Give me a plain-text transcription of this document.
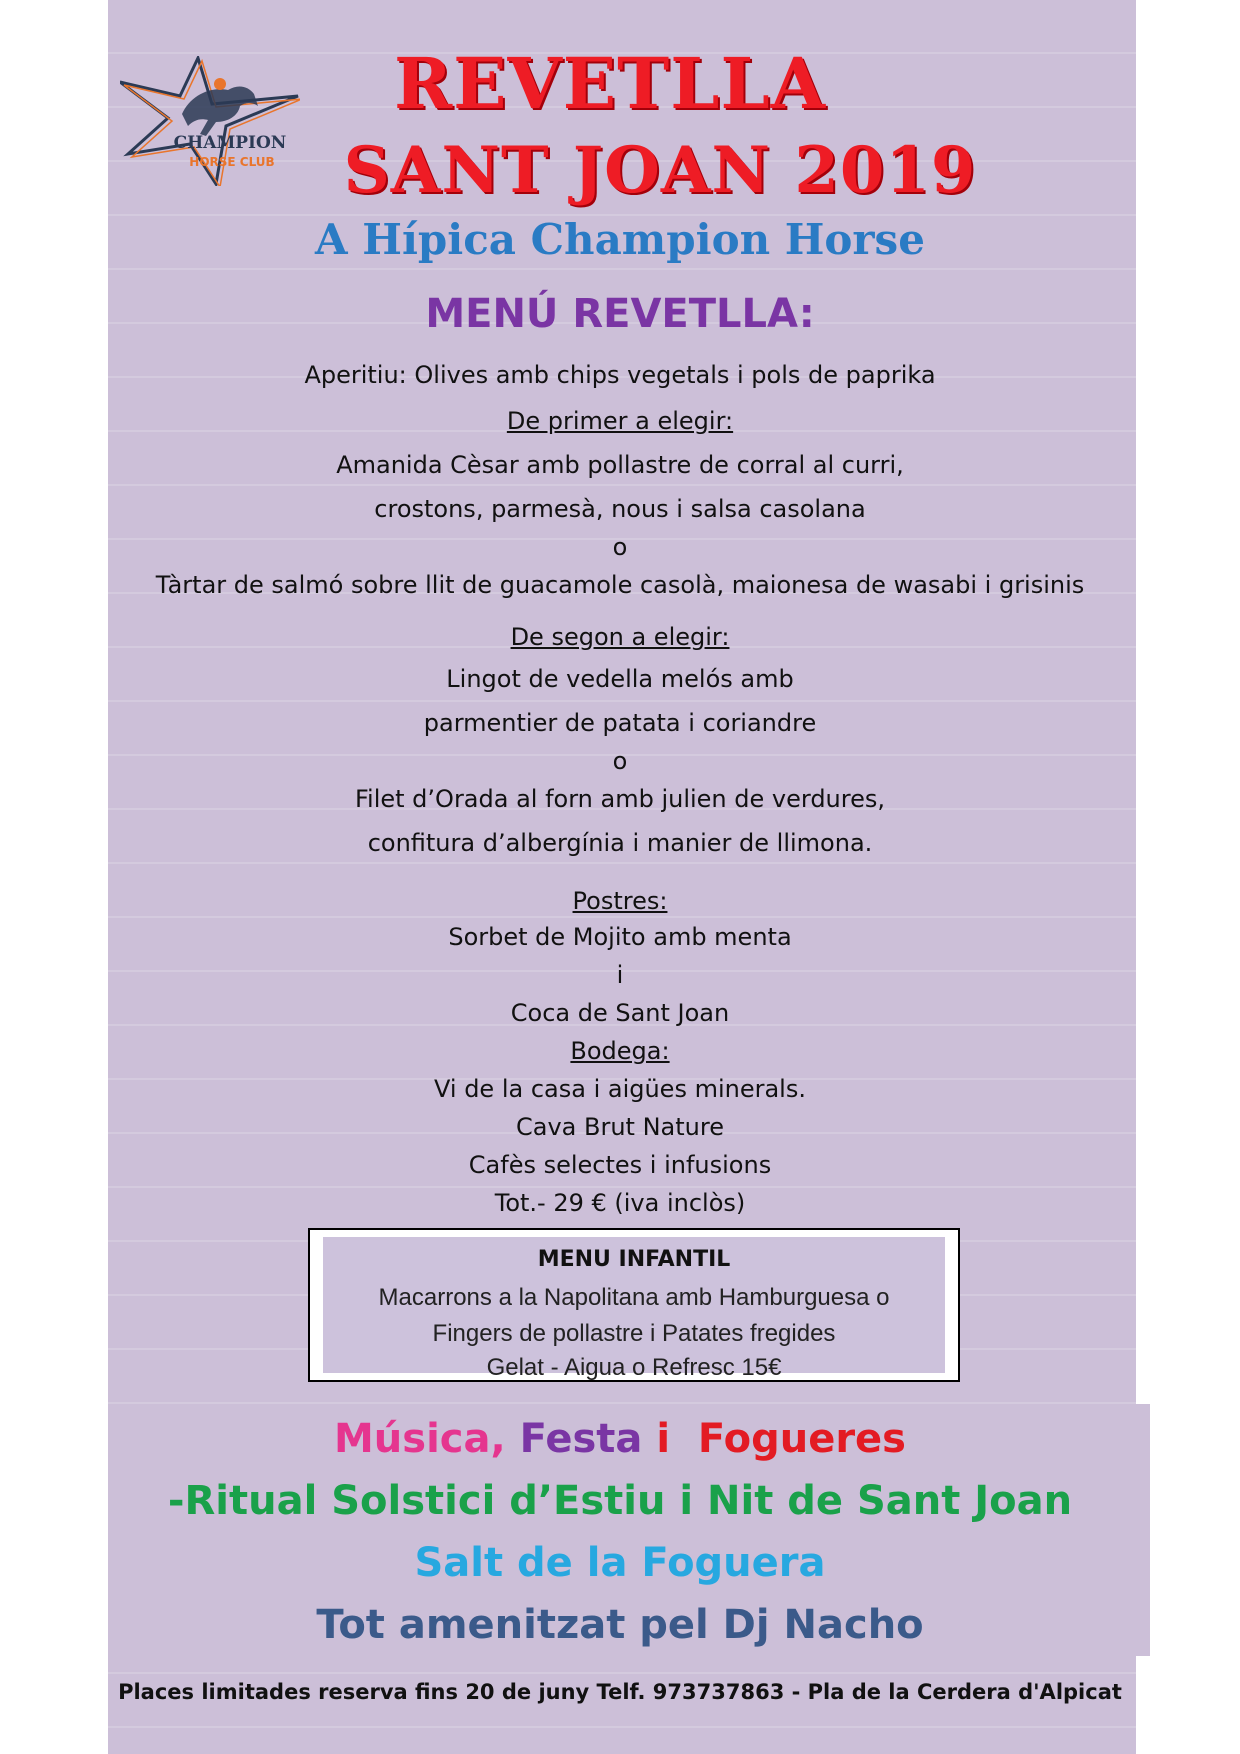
CHAMPION
HORSE CLUB
REVETLLA
SANT JOAN 2019
A Hípica Champion Horse
MENÚ REVETLLA:
Aperitiu: Olives amb chips vegetals i pols de paprika
De primer a elegir:
Amanida Cèsar amb pollastre de corral al curri,
crostons, parmesà, nous i salsa casolana
o
Tàrtar de salmó sobre llit de guacamole casolà, maionesa de wasabi i grisinis
De segon a elegir:
Lingot de vedella melós amb
parmentier de patata i coriandre
o
Filet d’Orada al forn amb julien de verdures,
confitura d’albergínia i manier de llimona.
Postres:
Sorbet de Mojito amb menta
i
Coca de Sant Joan
Bodega:
Vi de la casa i aigües minerals.
Cava Brut Nature
Cafès selectes i infusions
Tot.- 29 € (iva inclòs)
MENU INFANTIL
Macarrons a la Napolitana amb Hamburguesa o
Fingers de pollastre i Patates fregides
Gelat - Aigua o Refresc 15€
Música, Festa i Fogueres
-Ritual Solstici d’Estiu i Nit de Sant Joan
Salt de la Foguera
Tot amenitzat pel Dj Nacho
Places limitades reserva fins 20 de juny Telf. 973737863 - Pla de la Cerdera d'Alpicat
